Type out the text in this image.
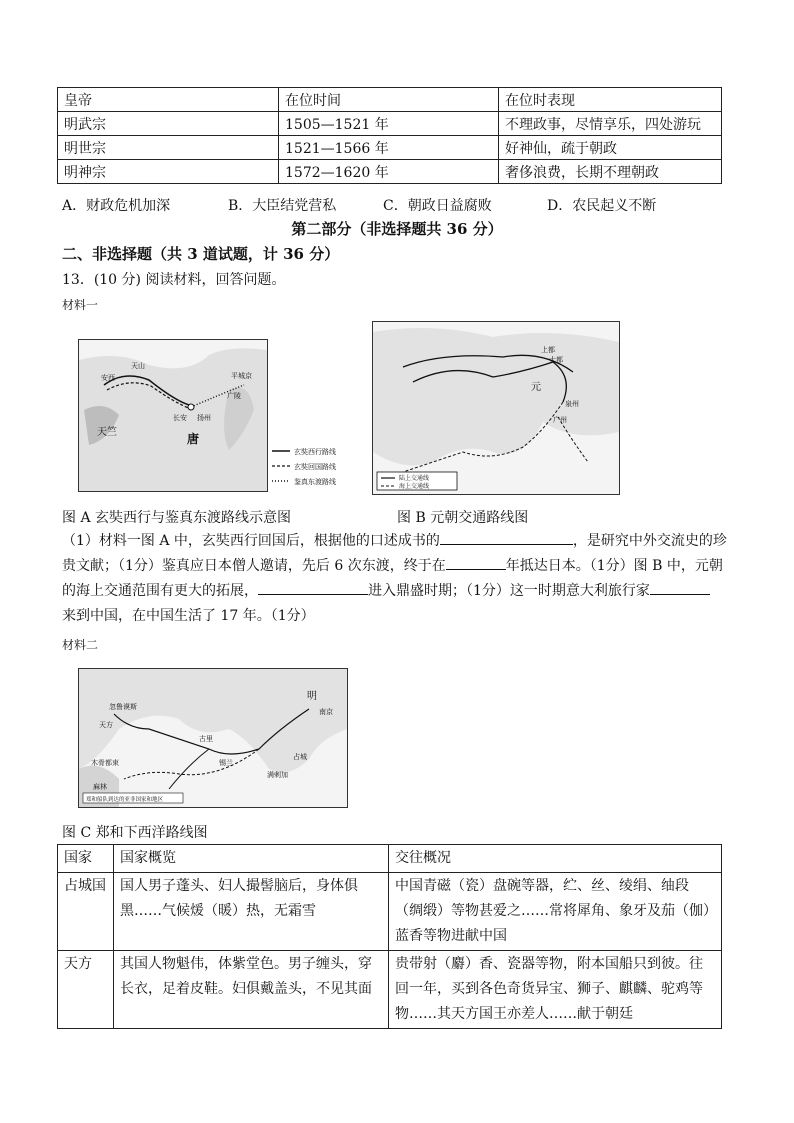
皇帝	在位时间	在位时表现
明武宗	1505—1521 年	不理政事，尽情享乐，四处游玩
明世宗	1521—1566 年	好神仙，疏于朝政
明神宗	1572—1620 年	奢侈浪费，长期不理朝政
A．财政危机加深	B．大臣结党营私	C．朝政日益腐败	D．农民起义不断
第二部分（非选择题共 36 分）
二、非选择题（共 3 道试题，计 36 分）
13．(10 分) 阅读材料，回答问题。
材料一
天山
安西
长安 扬州
唐
天竺
广陵
平城京
玄奘西行路线
玄奘回国路线
鉴真东渡路线
大都
上都
泉州
广州
元
陆上交通线
海上交通线
图 A 玄奘西行与鉴真东渡路线示意图	图 B 元朝交通路线图
（1）材料一图 A 中，玄奘西行回国后，根据他的口述成书的	，是研究中外交流史的珍
贵文献；（1分）鉴真应日本僧人邀请，先后 6 次东渡，终于在	年抵达日本。（1分）图 B 中，元朝
的海上交通范围有更大的拓展，	进入鼎盛时期；（1分）这一时期意大利旅行家
来到中国，在中国生活了 17 年。（1分）
材料二
明
南京
古里
忽鲁谟斯
天方
木骨都束
麻林
满剌加
占城
锡兰
郑和船队到达的亚非国家和地区
图 C 郑和下西洋路线图
国家	国家概览	交往概况
占城国	国人男子蓬头、妇人撮髻脑后，身体俱黑……气候煖（暖）热，无霜雪	中国青磁（瓷）盘碗等器，纻、丝、绫绢、䌷段（绸缎）等物甚爱之……常将犀角、象牙及茄（伽）蓝香等物进献中国
天方	其国人物魁伟，体紫堂色。男子缠头，穿长衣，足着皮鞋。妇俱戴盖头，不见其面	贵带射（麝）香、瓷器等物，附本国船只到彼。往回一年，买到各色奇货异宝、狮子、麒麟、驼鸡等物……其天方国王亦差人……献于朝廷
